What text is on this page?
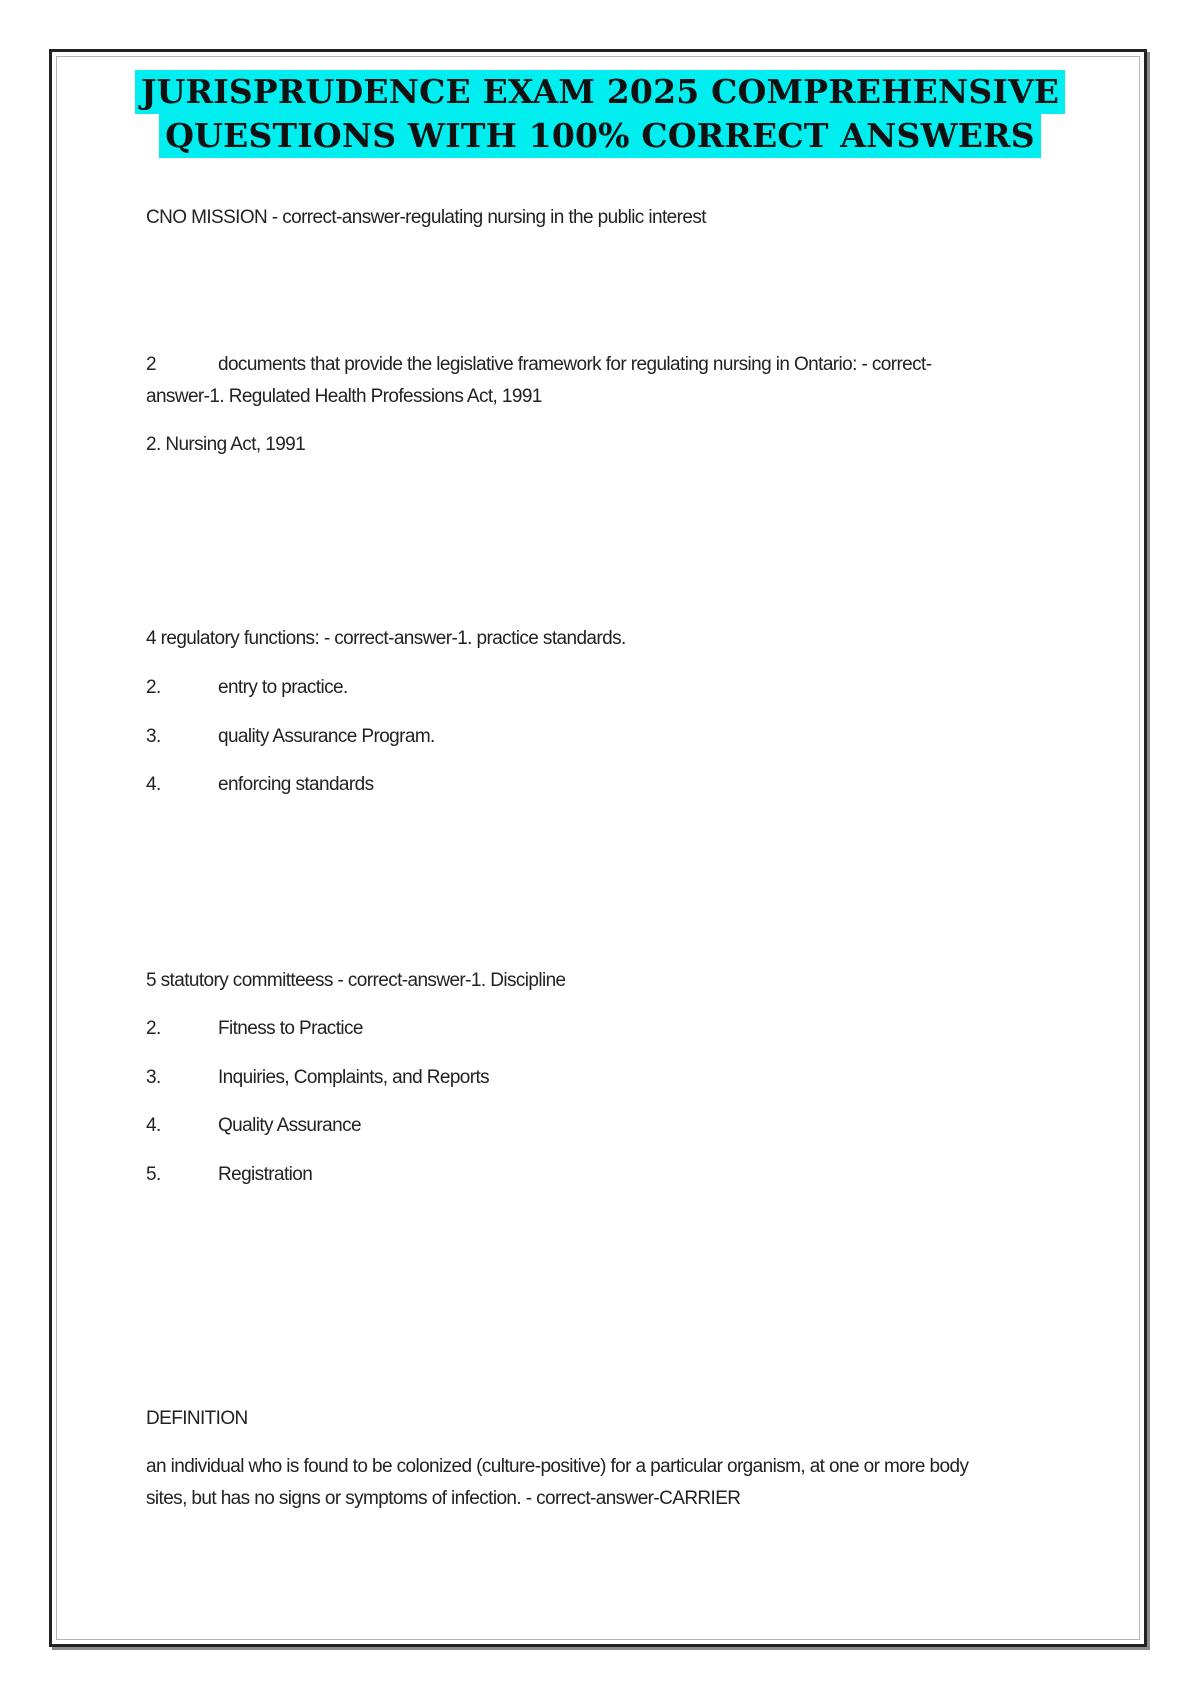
JURISPRUDENCE EXAM 2025 COMPREHENSIVE
QUESTIONS WITH 100% CORRECT ANSWERS
CNO MISSION - correct-answer-regulating nursing in the public interest
2	documents that provide the legislative framework for regulating nursing in Ontario: - correct-
answer-1. Regulated Health Professions Act, 1991
2. Nursing Act, 1991
4 regulatory functions: - correct-answer-1. practice standards.
2.	entry to practice.
3.	quality Assurance Program.
4.	enforcing standards
5 statutory committeess - correct-answer-1. Discipline
2.	Fitness to Practice
3.	Inquiries, Complaints, and Reports
4.	Quality Assurance
5.	Registration
DEFINITION
an individual who is found to be colonized (culture-positive) for a particular organism, at one or more body
sites, but has no signs or symptoms of infection. - correct-answer-CARRIER
